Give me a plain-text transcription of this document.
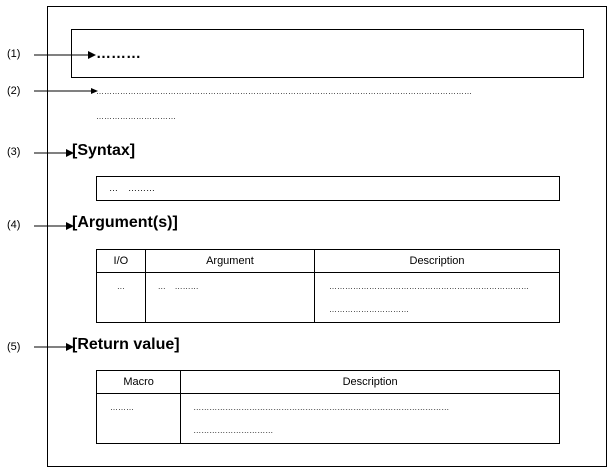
(1)
(2)
(3)
(4)
(5)
………
……………………………………………………………………………………………………………………………
…………………………
[Syntax]
…    ………
[Argument(s)]
I/O	Argument	Description

…	…    ………	…………………………………………………………………
…………………………
[Return value]
Macro	Description

………	……………………………………………………………………………………
…………………………
